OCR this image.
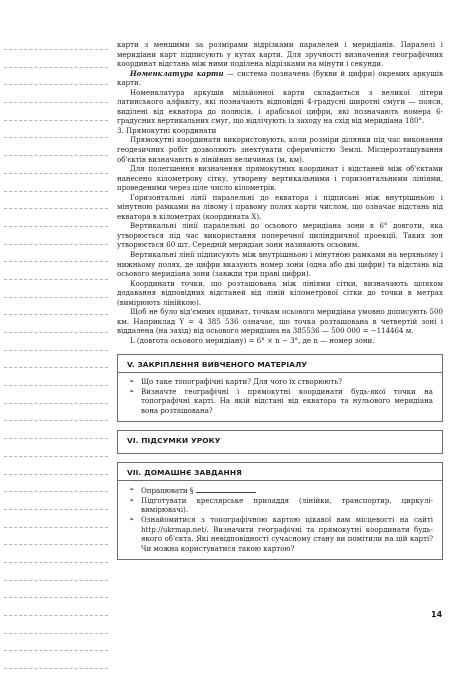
карти з меншими за розмірами відрізками паралелей і меридіанів. Паралелі і меридіани карт підписують у кутах карти. Для зручності визначення географічних координат відстань між ними поділена відрізками на мінути і секунди.

Номенклатура карти — система позначень (букви й цифри) окремих аркушів карти.

Номенклатура аркушів мільйонної карти складається з великої літери латинського алфавіту, які позначають відповідні 4-градусні широтні смуги — пояси, виділені від екватора до полюсів, і арабської цифри, які позначають номера 6-градусних вертикальних смуг, що відлічують із заходу на схід від меридіана 180°.

3. Прямокутні координати

Прямокутні координати використовують, коли розміри ділянки під час виконання геодезичних робіт дозволяють знехтувати сферичністю Землі. Місцерозташування об'єктів визначають в лінійних величинах (м, км).

Для полегшення визначення прямокутних координат і відстаней між об'єктами нанесено кілометрову сітку, утворену вертикальними і горизонтальними лініями, проведеними через ціле число кілометрів.

Горизонтальні лінії паралельні до екватора і підписані між внутрішньою і мінутною рамками на лівому і правому полях карти числом, що означає відстань від екватора в кілометрах (координата X).

Вертикальні лінії паралельні до осьового меридіана зони в 6° довготи, яка утворюється під час використання поперечної циліндричної проекції. Таких зон утворюється 60 шт. Середній меридіан зони називають осьовим.

Вертикальні лінії підписують між внутрішньою і мінутною рамками на верхньому і нижньому полях, де цифри вказують номер зони (одна або дві цифри) та відстань від осьового меридіана зони (завжди три праві цифри).

Координати точки, що розташована між лініями сітки, визначають шляхом додавання відповідних відстаней від ліній кілометрової сітки до точки в метрах (вимірюють лінійкою).

Щоб не було від'ємних ординат, точкам осьового меридіана умовно дописують 500 км. Наприклад Y = 4 385 536 означає, що точка розташована в четвертій зоні і віддалена (на захід) від осьового меридіана на 385536 — 500 000 = −114464 м.

L (довгота осьового меридіану) = 6° × n − 3°, де n — номер зони.

V. ЗАКРІПЛЕННЯ ВИВЧЕНОГО МАТЕРІАЛУ
➢ Що таке топографічні карти? Для чого їх створюють?
➢ Визначте географічні і прямокутні координати будь-якої точки на топографічні карті. На якій відстані від екватора та нульового меридіана вона розташована?
VI. ПІДСУМКИ УРОКУ
VII. ДОМАШНЄ ЗАВДАННЯ
➢ Опрацювати §
➢ Підготувати креслярське приладдя (лінійки, транспортир, циркулі-вимірювачі).
➢ Ознайомитися з топографічною картою цікавої вам місцевості на сайті http://ukrmap.net/. Визначити географічні та прямокутні координати будь-якого об'єкта. Які невідповідності сучасному стану ви помітили на цій карті? Чи можна користуватися такою картою?
14
